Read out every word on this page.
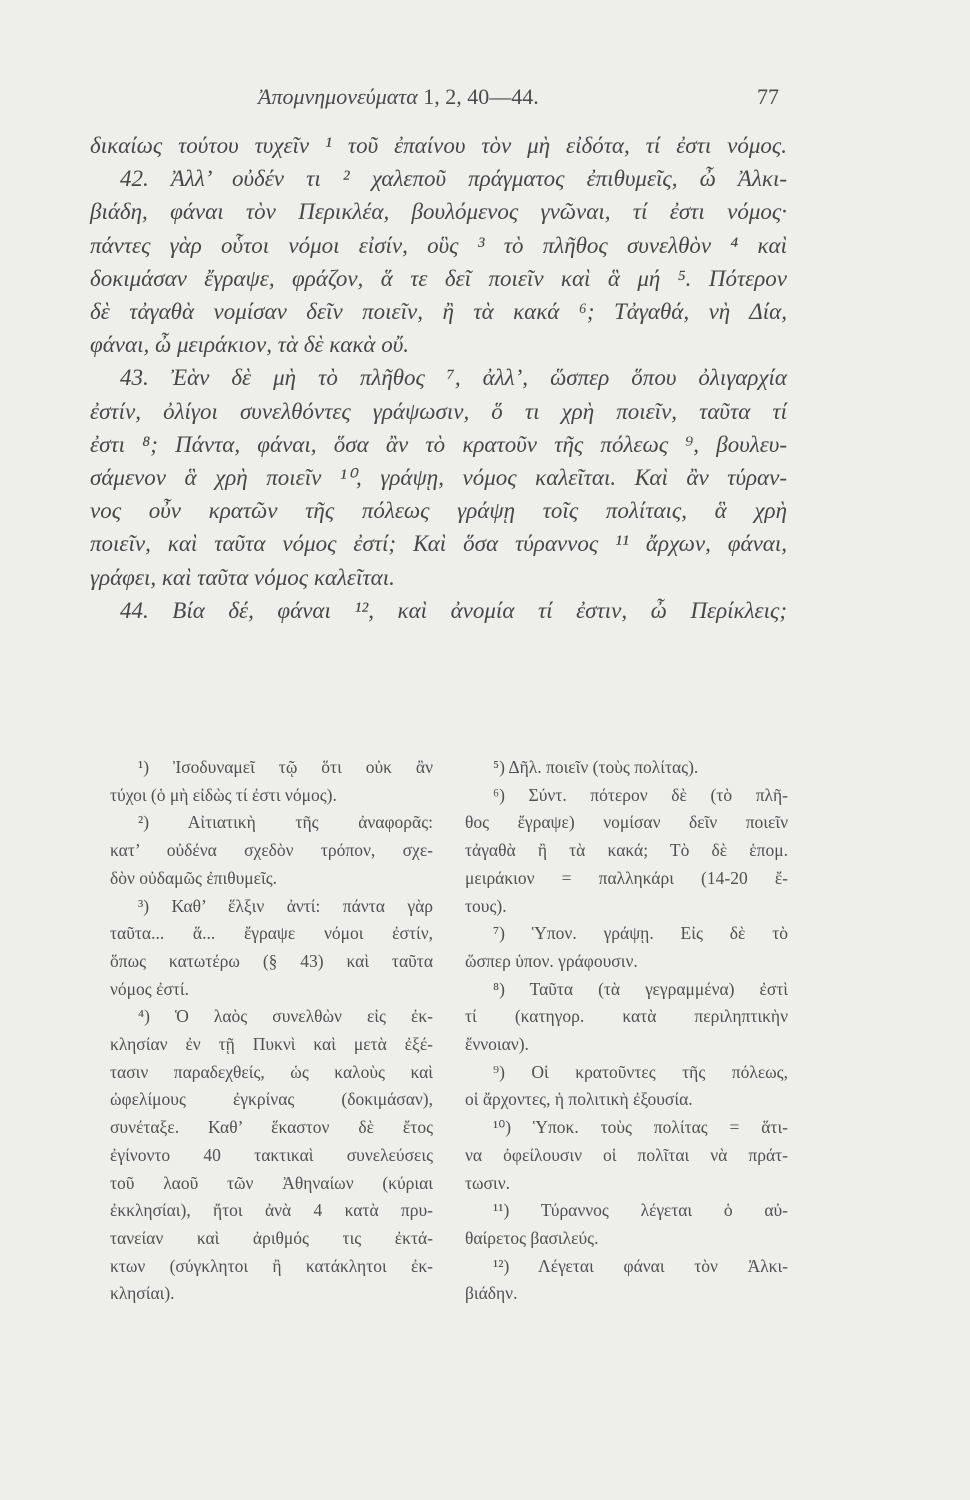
Ἀπομνημονεύματα 1, 2, 40—44.	77
δικαίως τούτου τυχεῖν ¹ τοῦ ἐπαίνου τὸν μὴ εἰδότα, τί ἐστι νόμος.
42. Ἀλλ’ οὐδέν τι ² χαλεποῦ πράγματος ἐπιθυμεῖς, ὦ Ἀλκι-
βιάδη, φάναι τὸν Περικλέα, βουλόμενος γνῶναι, τί ἐστι νόμος·
πάντες γὰρ οὗτοι νόμοι εἰσίν, οὓς ³ τὸ πλῆθος συνελθὸν ⁴ καὶ
δοκιμάσαν ἔγραψε, φράζον, ἅ τε δεῖ ποιεῖν καὶ ἃ μή ⁵. Πότερον
δὲ τἀγαθὰ νομίσαν δεῖν ποιεῖν, ἢ τὰ κακά ⁶; Τἀγαθά, νὴ Δία,
φάναι, ὦ μειράκιον, τὰ δὲ κακὰ οὔ.
43. Ἐὰν δὲ μὴ τὸ πλῆθος ⁷, ἀλλ’, ὥσπερ ὅπου ὀλιγαρχία
ἐστίν, ὀλίγοι συνελθόντες γράψωσιν, ὅ τι χρὴ ποιεῖν, ταῦτα τί
ἐστι ⁸; Πάντα, φάναι, ὅσα ἂν τὸ κρατοῦν τῆς πόλεως ⁹, βουλευ-
σάμενον ἃ χρὴ ποιεῖν ¹⁰, γράψῃ, νόμος καλεῖται. Καὶ ἂν τύραν-
νος οὖν κρατῶν τῆς πόλεως γράψῃ τοῖς πολίταις, ἃ χρὴ
ποιεῖν, καὶ ταῦτα νόμος ἐστί; Καὶ ὅσα τύραννος ¹¹ ἄρχων, φάναι,
γράφει, καὶ ταῦτα νόμος καλεῖται.
44. Βία δέ, φάναι ¹², καὶ ἀνομία τί ἐστιν, ὦ Περίκλεις;
¹) Ἰσοδυναμεῖ τῷ ὅτι οὐκ ἂν
τύχοι (ὁ μὴ εἰδὼς τί ἐστι νόμος).
²) Αἰτιατικὴ τῆς ἀναφορᾶς:
κατ’ οὐδένα σχεδὸν τρόπον, σχε-
δὸν οὐδαμῶς ἐπιθυμεῖς.
³) Καθ’ ἕλξιν ἀντί: πάντα γὰρ
ταῦτα... ἅ... ἔγραψε νόμοι ἐστίν,
ὅπως κατωτέρω (§ 43) καὶ ταῦτα
νόμος ἐστί.
⁴) Ὁ λαὸς συνελθὼν εἰς ἐκ-
κλησίαν ἐν τῇ Πυκνὶ καὶ μετὰ ἐξέ-
τασιν παραδεχθείς, ὡς καλοὺς καὶ
ὠφελίμους ἐγκρίνας (δοκιμάσαν),
συνέταξε. Καθ’ ἕκαστον δὲ ἔτος
ἐγίνοντο 40 τακτικαὶ συνελεύσεις
τοῦ λαοῦ τῶν Ἀθηναίων (κύριαι
ἐκκλησίαι), ἤτοι ἀνὰ 4 κατὰ πρυ-
τανείαν καὶ ἀριθμός τις ἐκτά-
κτων (σύγκλητοι ἢ κατάκλητοι ἐκ-
κλησίαι).
⁵) Δῆλ. ποιεῖν (τοὺς πολίτας).
⁶) Σύντ. πότερον δὲ (τὸ πλῆ-
θος ἔγραψε) νομίσαν δεῖν ποιεῖν
τἀγαθὰ ἢ τὰ κακά; Τὸ δὲ ἑπομ.
μειράκιον = παλληκάρι (14-20 ἔ-
τους).
⁷) Ὑπον. γράψῃ. Εἰς δὲ τὸ
ὥσπερ ὑπον. γράφουσιν.
⁸) Ταῦτα (τὰ γεγραμμένα) ἐστὶ
τί (κατηγορ. κατὰ περιληπτικὴν
ἔννοιαν).
⁹) Οἱ κρατοῦντες τῆς πόλεως,
οἱ ἄρχοντες, ἡ πολιτικὴ ἐξουσία.
¹⁰) Ὑποκ. τοὺς πολίτας = ἅτι-
να ὀφείλουσιν οἱ πολῖται νὰ πράτ-
τωσιν.
¹¹) Τύραννος λέγεται ὁ αὐ-
θαίρετος βασιλεύς.
¹²) Λέγεται φάναι τὸν Ἀλκι-
βιάδην.
